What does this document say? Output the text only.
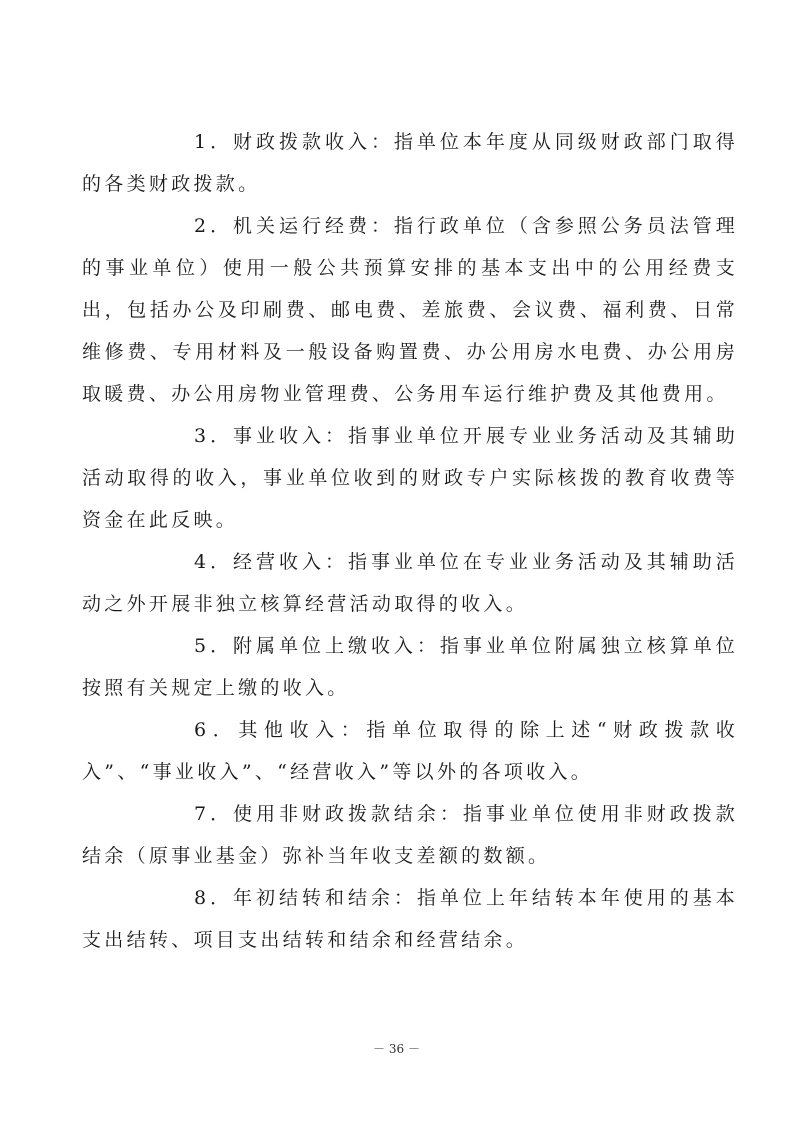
1．财政拨款收入：指单位本年度从同级财政部门取得的各类财政拨款。

2．机关运行经费：指行政单位（含参照公务员法管理的事业单位）使用一般公共预算安排的基本支出中的公用经费支出，包括办公及印刷费、邮电费、差旅费、会议费、福利费、日常维修费、专用材料及一般设备购置费、办公用房水电费、办公用房取暖费、办公用房物业管理费、公务用车运行维护费及其他费用。

3．事业收入：指事业单位开展专业业务活动及其辅助活动取得的收入，事业单位收到的财政专户实际核拨的教育收费等资金在此反映。

4．经营收入：指事业单位在专业业务活动及其辅助活动之外开展非独立核算经营活动取得的收入。

5．附属单位上缴收入：指事业单位附属独立核算单位按照有关规定上缴的收入。

6．其他收入：指单位取得的除上述“财政拨款收入”、“事业收入”、“经营收入”等以外的各项收入。

7．使用非财政拨款结余：指事业单位使用非财政拨款结余（原事业基金）弥补当年收支差额的数额。

8．年初结转和结余：指单位上年结转本年使用的基本支出结转、项目支出结转和结余和经营结余。

－ 36 －
